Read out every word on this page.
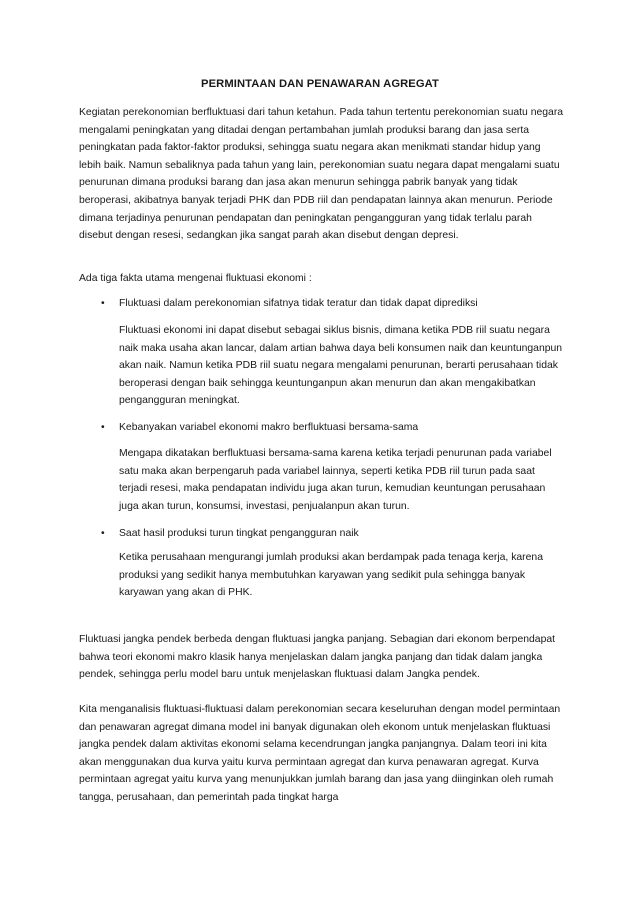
PERMINTAAN DAN PENAWARAN AGREGAT

Kegiatan perekonomian berfluktuasi dari tahun ketahun. Pada tahun tertentu perekonomian suatu negara mengalami peningkatan yang ditadai dengan pertambahan jumlah produksi barang dan jasa serta peningkatan pada faktor-faktor produksi, sehingga suatu negara akan menikmati standar hidup yang lebih baik. Namun sebaliknya pada tahun yang lain, perekonomian suatu negara dapat mengalami suatu penurunan dimana produksi barang dan jasa akan menurun sehingga pabrik banyak yang tidak beroperasi, akibatnya banyak terjadi PHK dan PDB riil dan pendapatan lainnya akan menurun. Periode dimana terjadinya penurunan pendapatan dan peningkatan pengangguran yang tidak terlalu parah disebut dengan resesi, sedangkan jika sangat parah akan disebut dengan depresi.

Ada tiga fakta utama mengenai fluktuasi ekonomi :

• Fluktuasi dalam perekonomian sifatnya tidak teratur dan tidak dapat diprediksi

Fluktuasi ekonomi ini dapat disebut sebagai siklus bisnis, dimana ketika PDB riil suatu negara naik maka usaha akan lancar, dalam artian bahwa daya beli konsumen naik dan keuntunganpun akan naik. Namun ketika PDB riil suatu negara mengalami penurunan, berarti perusahaan tidak beroperasi dengan baik sehingga keuntunganpun akan menurun dan akan mengakibatkan pengangguran meningkat.

• Kebanyakan variabel ekonomi makro berfluktuasi bersama-sama

Mengapa dikatakan berfluktuasi bersama-sama karena ketika terjadi penurunan pada variabel satu maka akan berpengaruh pada variabel lainnya, seperti ketika PDB riil turun pada saat terjadi resesi, maka pendapatan individu juga akan turun, kemudian keuntungan perusahaan juga akan turun, konsumsi, investasi, penjualanpun akan turun.

• Saat hasil produksi turun tingkat pengangguran naik

Ketika perusahaan mengurangi jumlah produksi akan berdampak pada tenaga kerja, karena produksi yang sedikit hanya membutuhkan karyawan yang sedikit pula sehingga banyak karyawan yang akan di PHK.

Fluktuasi jangka pendek berbeda dengan fluktuasi jangka panjang. Sebagian dari ekonom berpendapat bahwa teori ekonomi makro klasik hanya menjelaskan dalam jangka panjang dan tidak dalam jangka pendek, sehingga perlu model baru untuk menjelaskan fluktuasi dalam Jangka pendek.

Kita menganalisis fluktuasi-fluktuasi dalam perekonomian secara keseluruhan dengan model permintaan dan penawaran agregat dimana model ini banyak digunakan oleh ekonom untuk menjelaskan fluktuasi jangka pendek dalam aktivitas ekonomi selama kecendrungan jangka panjangnya. Dalam teori ini kita akan menggunakan dua kurva yaitu kurva permintaan agregat dan kurva penawaran agregat. Kurva permintaan agregat yaitu kurva yang menunjukkan jumlah barang dan jasa yang diinginkan oleh rumah tangga, perusahaan, dan pemerintah pada tingkat harga
